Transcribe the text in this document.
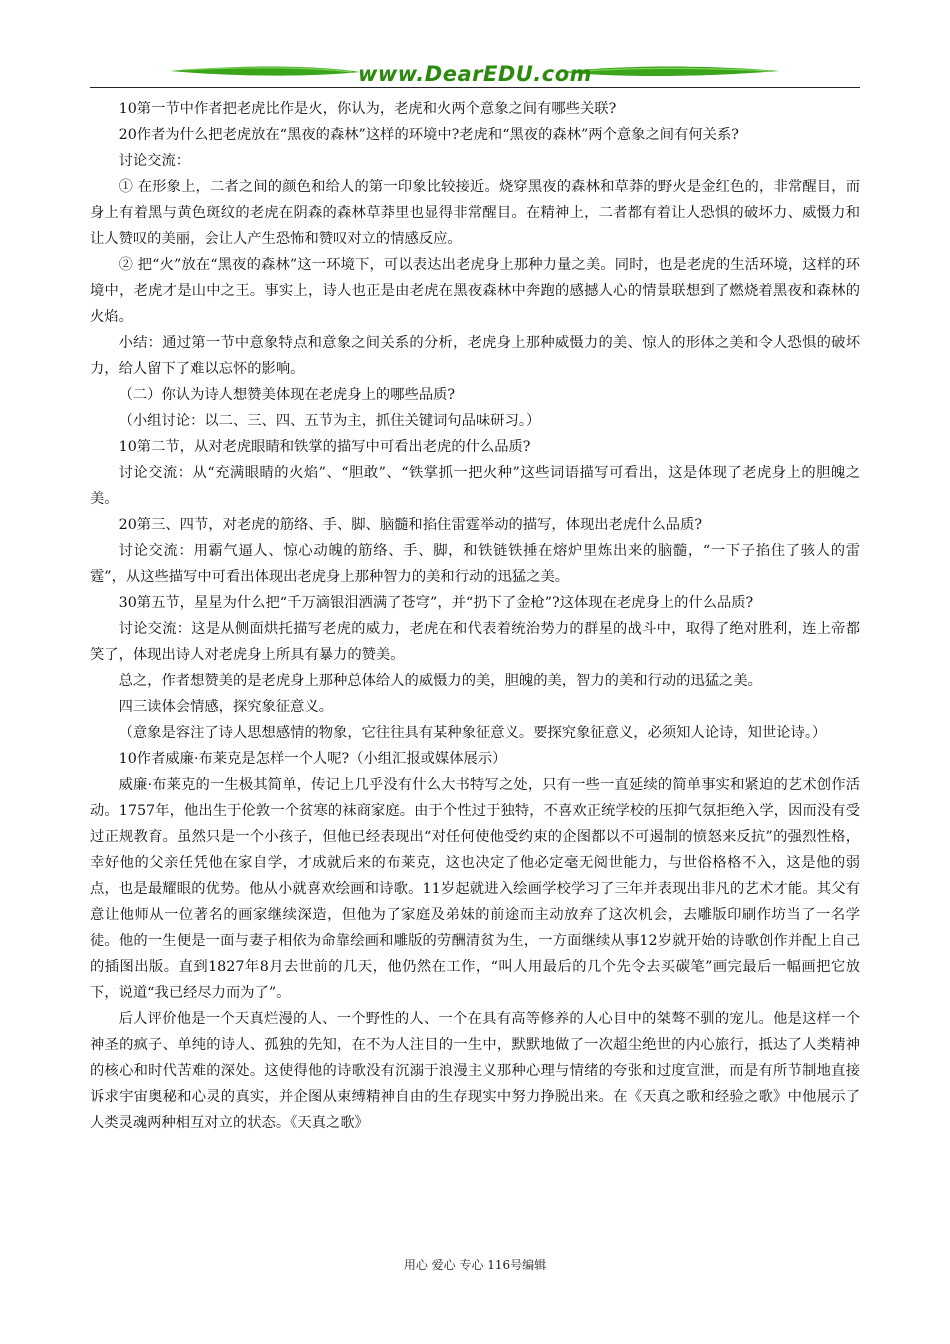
www.DearEDU.com

10第一节中作者把老虎比作是火，你认为，老虎和火两个意象之间有哪些关联?

20作者为什么把老虎放在“黑夜的森林”这样的环境中?老虎和“黑夜的森林”两个意象之间有何关系?

讨论交流：

① 在形象上，二者之间的颜色和给人的第一印象比较接近。烧穿黑夜的森林和草莽的野火是金红色的，非常醒目，而身上有着黑与黄色斑纹的老虎在阴森的森林草莽里也显得非常醒目。在精神上，二者都有着让人恐惧的破坏力、威慑力和让人赞叹的美丽，会让人产生恐怖和赞叹对立的情感反应。

② 把“火”放在“黑夜的森林”这一环境下，可以表达出老虎身上那种力量之美。同时，也是老虎的生活环境，这样的环境中，老虎才是山中之王。事实上，诗人也正是由老虎在黑夜森林中奔跑的感撼人心的情景联想到了燃烧着黑夜和森林的火焰。

小结：通过第一节中意象特点和意象之间关系的分析，老虎身上那种威慑力的美、惊人的形体之美和令人恐惧的破坏力，给人留下了难以忘怀的影响。

（二）你认为诗人想赞美体现在老虎身上的哪些品质?

（小组讨论：以二、三、四、五节为主，抓住关键词句品味研习。）

10第二节，从对老虎眼睛和铁掌的描写中可看出老虎的什么品质?

讨论交流：从“充满眼睛的火焰”、“胆敢”、“铁掌抓一把火种”这些词语描写可看出，这是体现了老虎身上的胆魄之美。

20第三、四节，对老虎的筋络、手、脚、脑髓和掐住雷霆举动的描写，体现出老虎什么品质?

讨论交流：用霸气逼人、惊心动魄的筋络、手、脚，和铁链铁捶在熔炉里炼出来的脑髓，“一下子掐住了骇人的雷霆”，从这些描写中可看出体现出老虎身上那种智力的美和行动的迅猛之美。

30第五节，星星为什么把“千万滴银泪洒满了苍穹”，并“扔下了金枪”?这体现在老虎身上的什么品质?

讨论交流：这是从侧面烘托描写老虎的威力，老虎在和代表着统治势力的群星的战斗中，取得了绝对胜利，连上帝都笑了，体现出诗人对老虎身上所具有暴力的赞美。

总之，作者想赞美的是老虎身上那种总体给人的威慑力的美，胆魄的美，智力的美和行动的迅猛之美。

四三读体会情感，探究象征意义。

（意象是容注了诗人思想感情的物象，它往往具有某种象征意义。要探究象征意义，必须知人论诗，知世论诗。）

10作者威廉·布莱克是怎样一个人呢?（小组汇报或媒体展示）

威廉·布莱克的一生极其简单，传记上几乎没有什么大书特写之处，只有一些一直延续的简单事实和紧迫的艺术创作活动。1757年，他出生于伦敦一个贫寒的袜商家庭。由于个性过于独特，不喜欢正统学校的压抑气氛拒绝入学，因而没有受过正规教育。虽然只是一个小孩子，但他已经表现出“对任何使他受约束的企图都以不可遏制的愤怒来反抗”的强烈性格，幸好他的父亲任凭他在家自学，才成就后来的布莱克，这也决定了他必定毫无阅世能力，与世俗格格不入，这是他的弱点，也是最耀眼的优势。他从小就喜欢绘画和诗歌。11岁起就进入绘画学校学习了三年并表现出非凡的艺术才能。其父有意让他师从一位著名的画家继续深造，但他为了家庭及弟妹的前途而主动放弃了这次机会，去雕版印刷作坊当了一名学徒。他的一生便是一面与妻子相依为命靠绘画和雕版的劳酬清贫为生，一方面继续从事12岁就开始的诗歌创作并配上自己的插图出版。直到1827年8月去世前的几天，他仍然在工作，“叫人用最后的几个先令去买碳笔”画完最后一幅画把它放下，说道“我已经尽力而为了”。

后人评价他是一个天真烂漫的人、一个野性的人、一个在具有高等修养的人心目中的桀骜不驯的宠儿。他是这样一个神圣的疯子、单纯的诗人、孤独的先知，在不为人注目的一生中，默默地做了一次超尘绝世的内心旅行，抵达了人类精神的核心和时代苦难的深处。这使得他的诗歌没有沉溺于浪漫主义那种心理与情绪的夸张和过度宣泄，而是有所节制地直接诉求宇宙奥秘和心灵的真实，并企图从束缚精神自由的生存现实中努力挣脱出来。在《天真之歌和经验之歌》中他展示了人类灵魂两种相互对立的状态。《天真之歌》

用心 爱心 专心 116号编辑
